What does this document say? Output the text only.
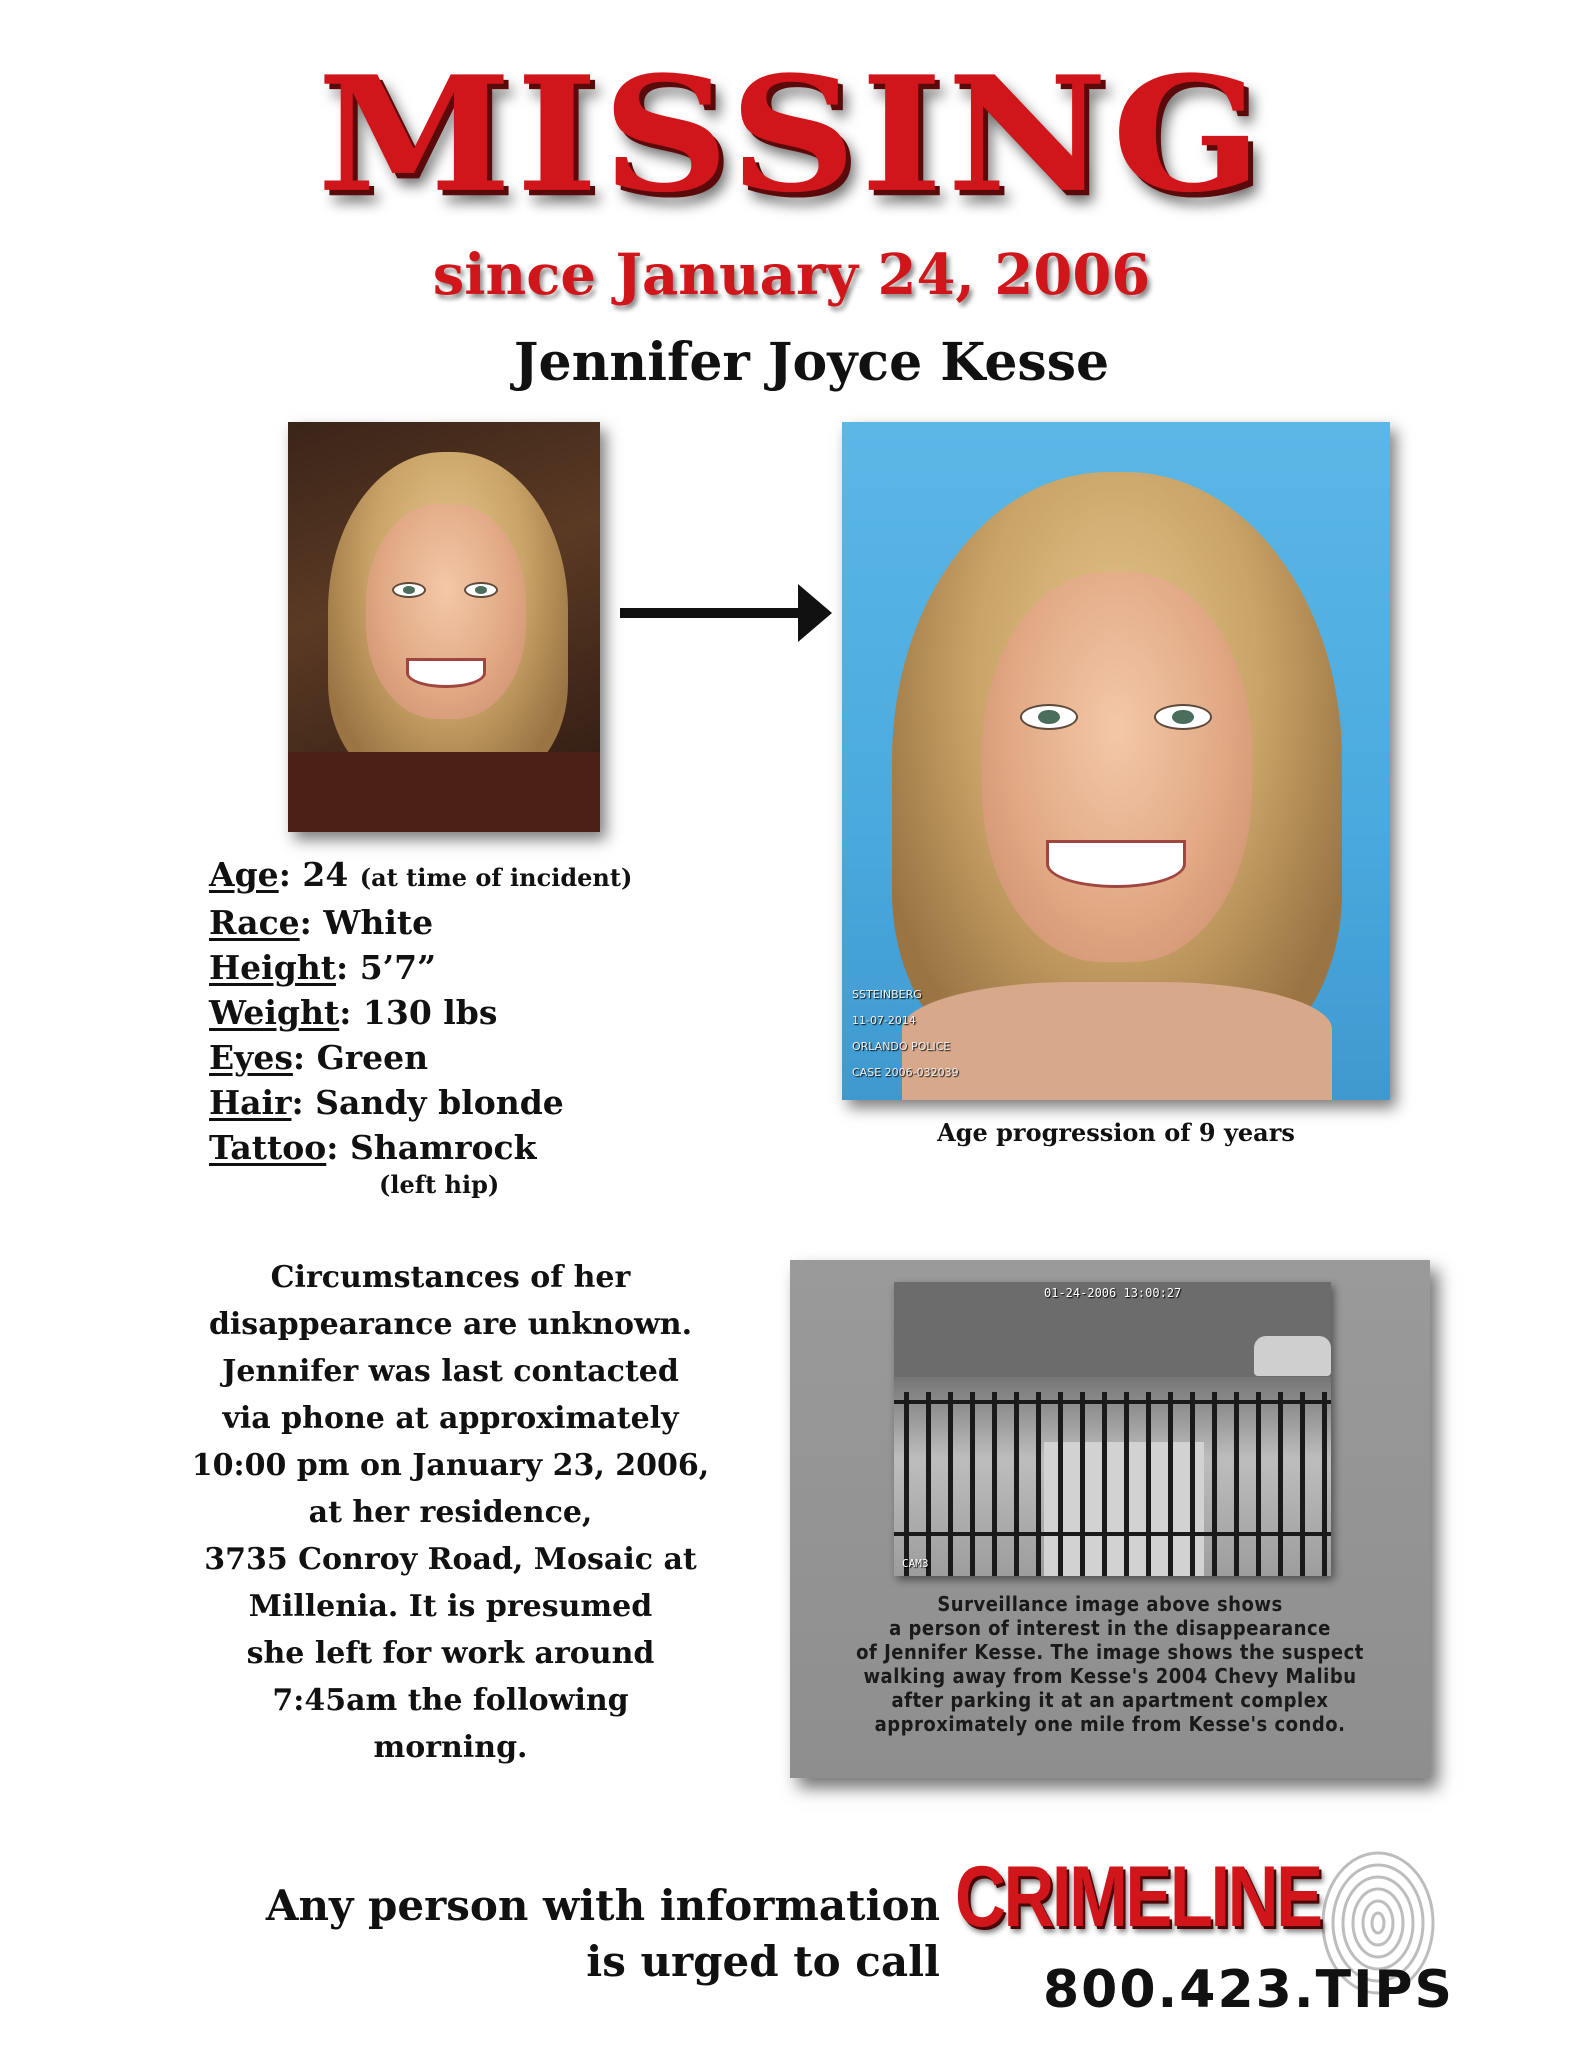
MISSING
since January 24, 2006
Jennifer Joyce Kesse

SSTEINBERG

11-07-2014

ORLANDO POLICE

CASE 2006-032039

Age progression of 9 years
Age: 24 (at time of incident)
Race: White
Height: 5’7”
Weight: 130 lbs
Eyes: Green
Hair: Sandy blonde
Tattoo: Shamrock
(left hip)
Circumstances of her
disappearance are unknown.
Jennifer was last contacted
via phone at approximately
10:00 pm on January 23, 2006,
at her residence,
3735 Conroy Road, Mosaic at
Millenia. It is presumed
she left for work around
7:45am the following
morning.
01-24-2006 13:00:27
CAM3
Surveillance image above shows
a person of interest in the disappearance
of Jennifer Kesse. The image shows the suspect
walking away from Kesse's 2004 Chevy Malibu
after parking it at an apartment complex
approximately one mile from Kesse's condo.
Any person with information
is urged to call
CRIMELINE
800.423.TIPS
